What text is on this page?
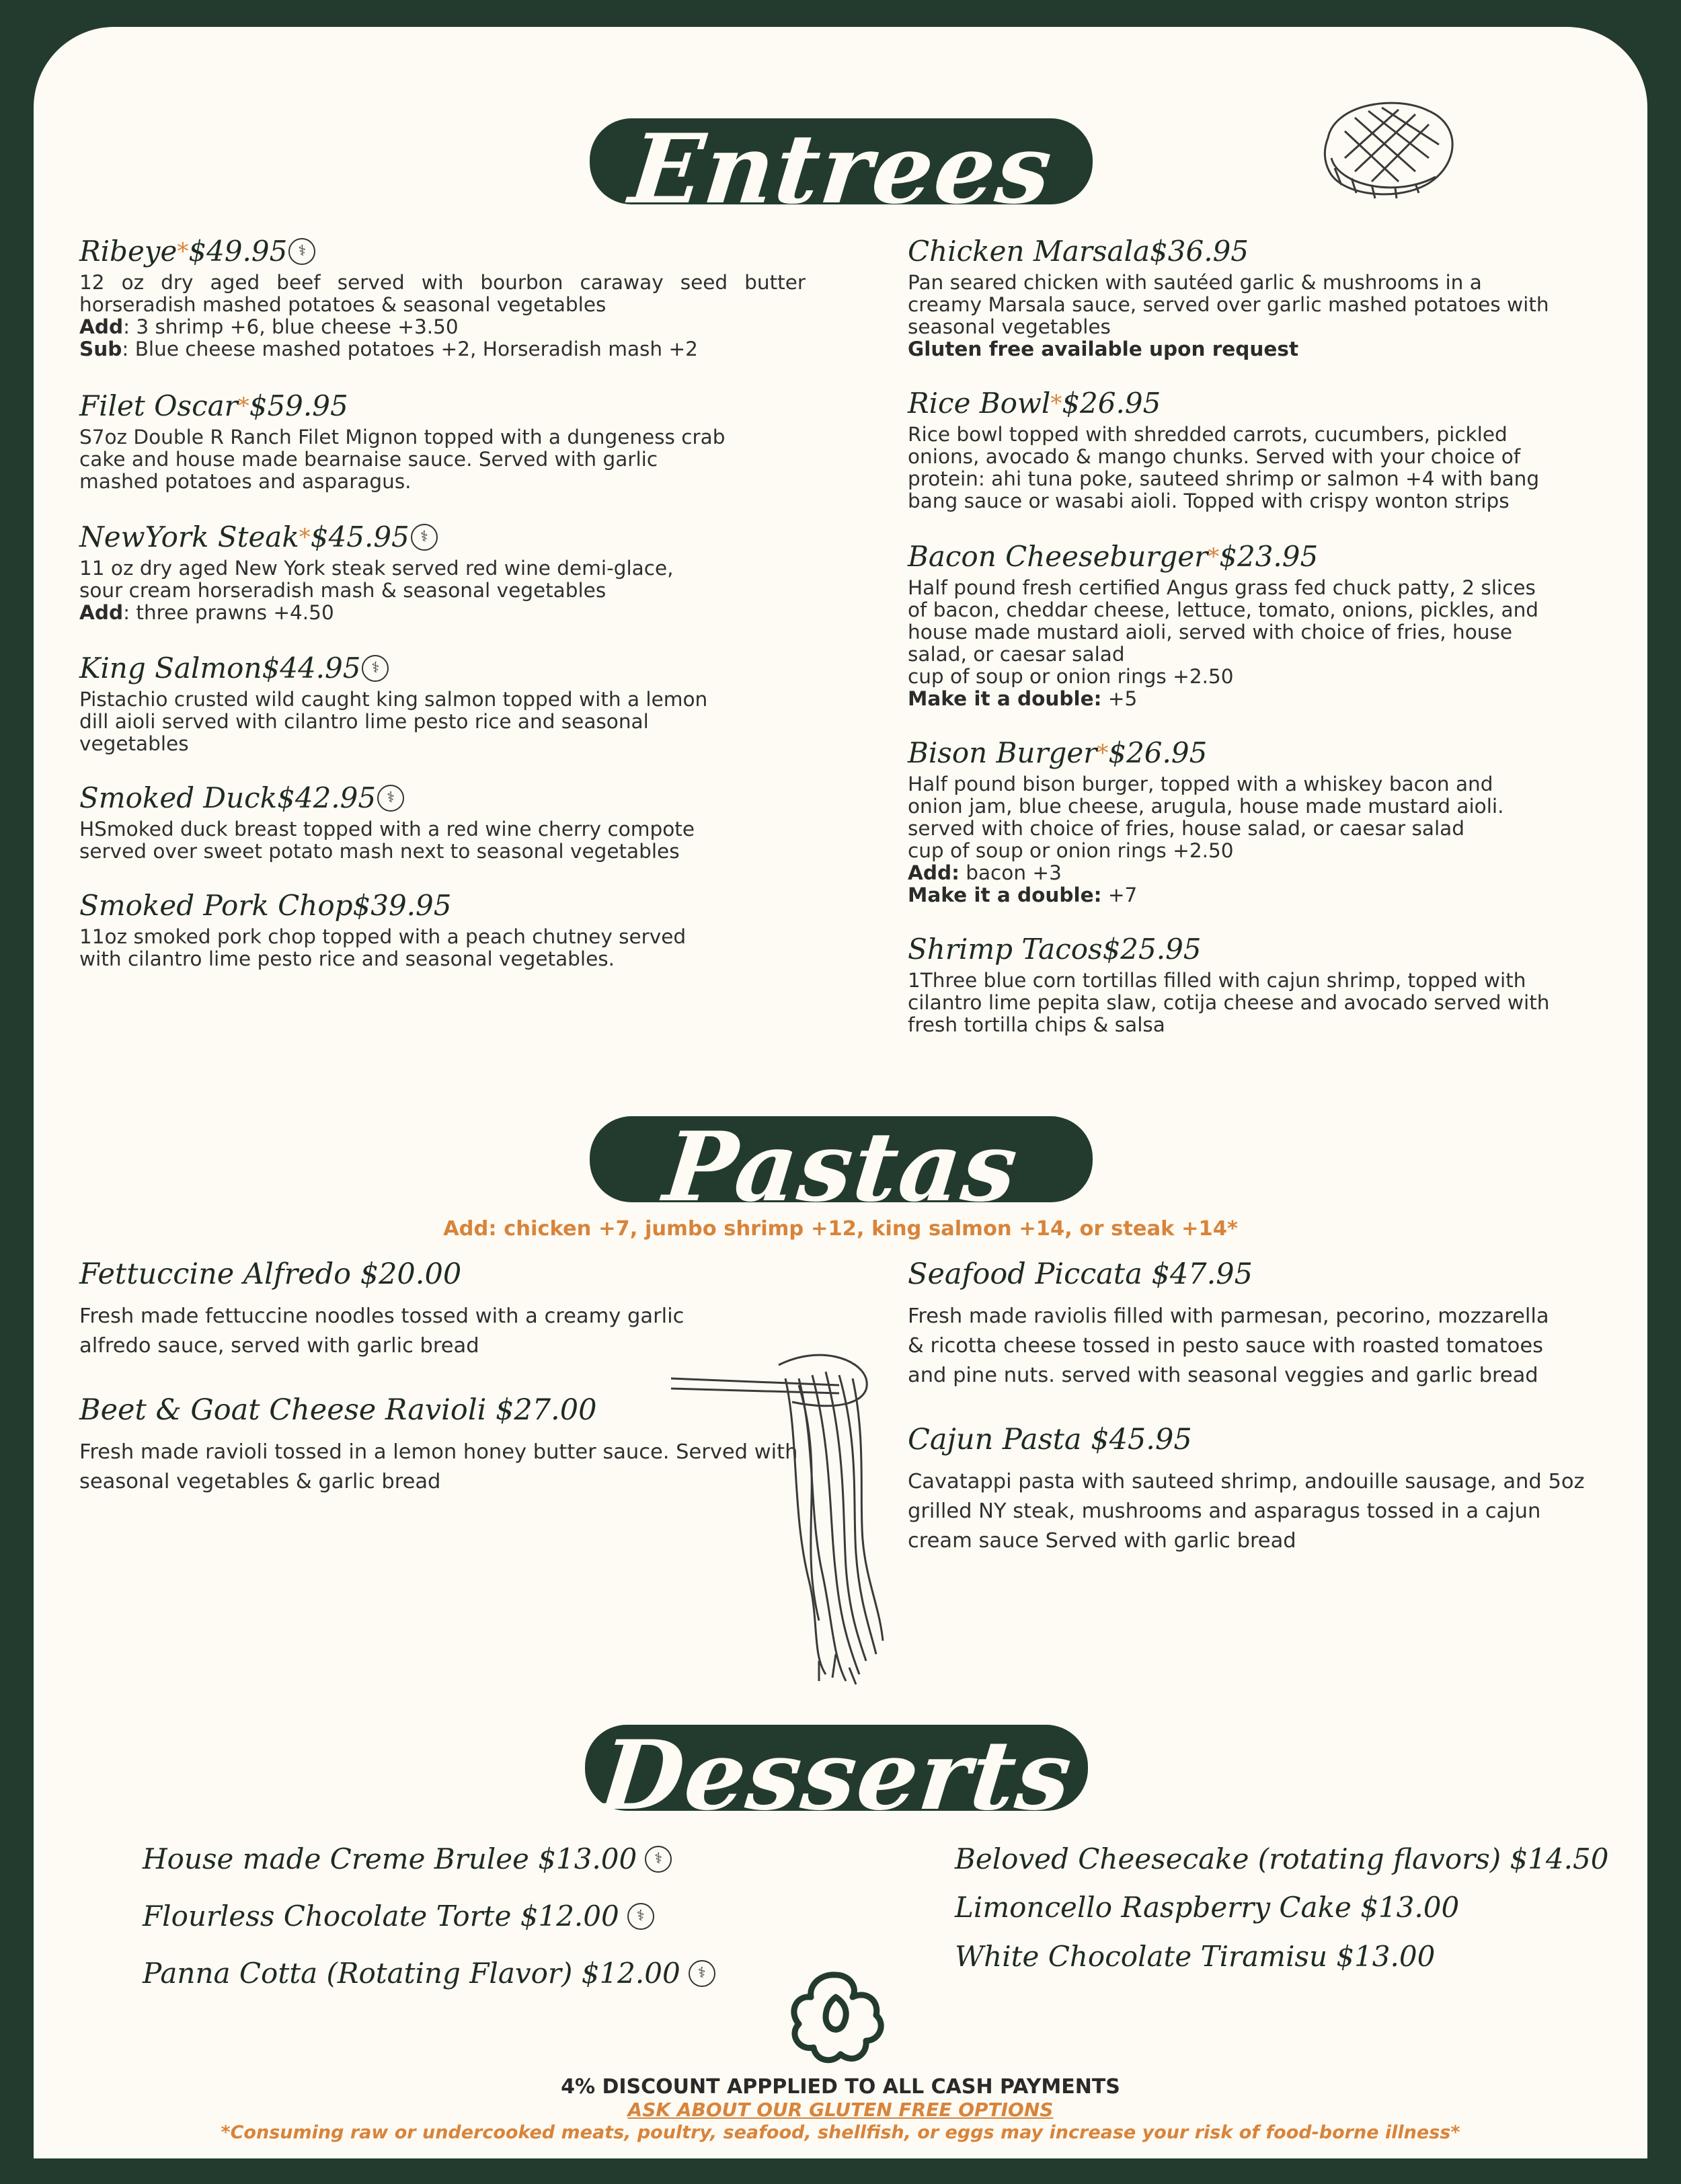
Entrees
Ribeye * $49.95 ⚕
12 oz dry aged beef served with bourbon caraway seed butter horseradish mashed potatoes & seasonal vegetables
Add: 3 shrimp +6, blue cheese +3.50
Sub: Blue cheese mashed potatoes +2, Horseradish mash +2
Filet Oscar * $59.95
S7oz Double R Ranch Filet Mignon topped with a dungeness crab
cake and house made bearnaise sauce. Served with garlic
mashed potatoes and asparagus.
NewYork Steak * $45.95 ⚕
11 oz dry aged New York steak served red wine demi-glace,
sour cream horseradish mash & seasonal vegetables
Add: three prawns +4.50
King Salmon $44.95 ⚕
Pistachio crusted wild caught king salmon topped with a lemon
dill aioli served with cilantro lime pesto rice and seasonal
vegetables
Smoked Duck $42.95 ⚕
HSmoked duck breast topped with a red wine cherry compote
served over sweet potato mash next to seasonal vegetables
Smoked Pork Chop $39.95
11oz smoked pork chop topped with a peach chutney served
with cilantro lime pesto rice and seasonal vegetables.
Chicken Marsala $36.95
Pan seared chicken with sautéed garlic & mushrooms in a
creamy Marsala sauce, served over garlic mashed potatoes with
seasonal vegetables
Gluten free available upon request
Rice Bowl * $26.95
Rice bowl topped with shredded carrots, cucumbers, pickled
onions, avocado & mango chunks. Served with your choice of
protein: ahi tuna poke, sauteed shrimp or salmon +4 with bang
bang sauce or wasabi aioli. Topped with crispy wonton strips
Bacon Cheeseburger * $23.95
Half pound fresh certified Angus grass fed chuck patty, 2 slices
of bacon, cheddar cheese, lettuce, tomato, onions, pickles, and
house made mustard aioli, served with choice of fries, house
salad, or caesar salad
cup of soup or onion rings +2.50
Make it a double: +5
Bison Burger * $26.95
Half pound bison burger, topped with a whiskey bacon and
onion jam, blue cheese, arugula, house made mustard aioli.
served with choice of fries, house salad, or caesar salad
cup of soup or onion rings +2.50
Add: bacon +3
Make it a double: +7
Shrimp Tacos $25.95
1Three blue corn tortillas filled with cajun shrimp, topped with
cilantro lime pepita slaw, cotija cheese and avocado served with
fresh tortilla chips & salsa
Pastas
Add: chicken +7, jumbo shrimp +12, king salmon +14, or steak +14*
Fettuccine Alfredo $20.00
Fresh made fettuccine noodles tossed with a creamy garlic
alfredo sauce, served with garlic bread
Beet & Goat Cheese Ravioli $27.00
Fresh made ravioli tossed in a lemon honey butter sauce. Served with
seasonal vegetables & garlic bread
Seafood Piccata $47.95
Fresh made raviolis filled with parmesan, pecorino, mozzarella
& ricotta cheese tossed in pesto sauce with roasted tomatoes
and pine nuts. served with seasonal veggies and garlic bread
Cajun Pasta $45.95
Cavatappi pasta with sauteed shrimp, andouille sausage, and 5oz
grilled NY steak, mushrooms and asparagus tossed in a cajun
cream sauce Served with garlic bread
Desserts
House made Creme Brulee $13.00	⚕
Flourless Chocolate Torte $12.00	⚕
Panna Cotta (Rotating Flavor) $12.00	⚕
Beloved Cheesecake (rotating flavors) $14.50
Limoncello Raspberry Cake $13.00
White Chocolate Tiramisu $13.00
4% DISCOUNT APPPLIED TO ALL CASH PAYMENTS
ASK ABOUT OUR GLUTEN FREE OPTIONS
*Consuming raw or undercooked meats, poultry, seafood, shellfish, or eggs may increase your risk of food-borne illness*
